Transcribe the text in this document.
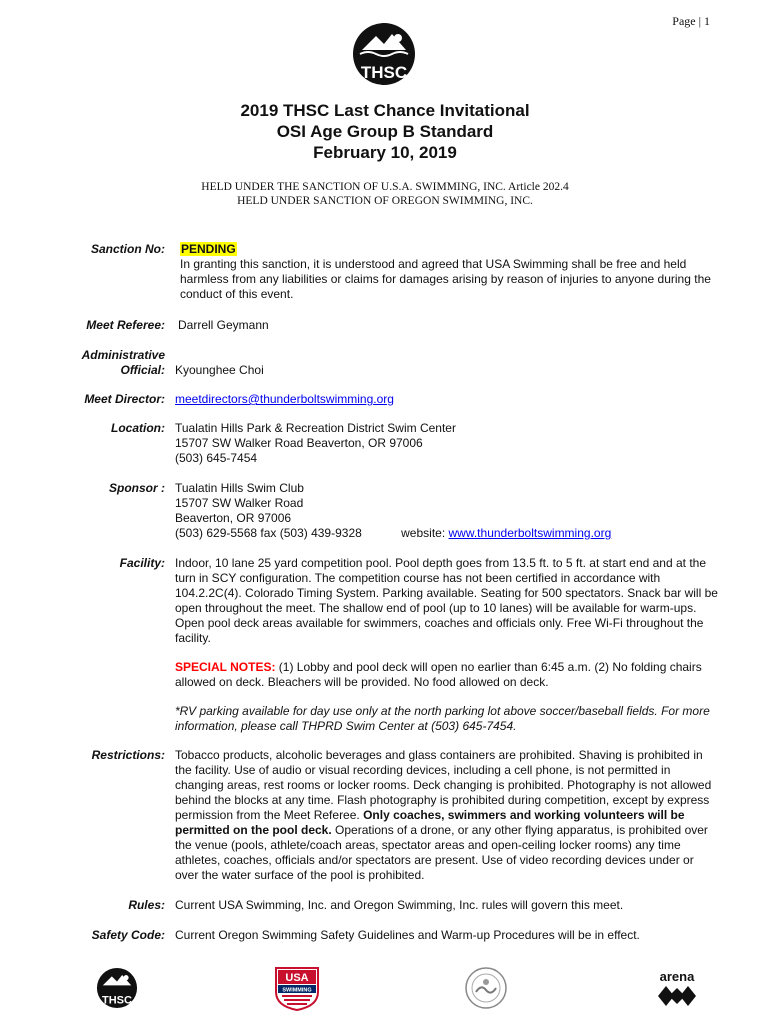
Page | 1
THSC
2019 THSC Last Chance Invitational
OSI Age Group B Standard
February 10, 2019
HELD UNDER THE SANCTION OF U.S.A. SWIMMING, INC. Article 202.4
HELD UNDER SANCTION OF OREGON SWIMMING, INC.
Sanction No: PENDING
In granting this sanction, it is understood and agreed that USA Swimming shall be free and held harmless from any liabilities or claims for damages arising by reason of injuries to anyone during the conduct of this event.
Meet Referee: Darrell Geymann
Administrative
Official: Kyounghee Choi
Meet Director: meetdirectors@thunderboltswimming.org
Location: Tualatin Hills Park & Recreation District Swim Center
15707 SW Walker Road Beaverton, OR 97006
(503) 645-7454
Sponsor : Tualatin Hills Swim Club
15707 SW Walker Road
Beaverton, OR 97006
(503) 629-5568 fax (503) 439-9328	website: www.thunderboltswimming.org
Facility: Indoor, 10 lane 25 yard competition pool. Pool depth goes from 13.5 ft. to 5 ft. at start end and at the turn in SCY configuration. The competition course has not been certified in accordance with 104.2.2C(4). Colorado Timing System. Parking available. Seating for 500 spectators. Snack bar will be open throughout the meet. The shallow end of pool (up to 10 lanes) will be available for warm-ups. Open pool deck areas available for swimmers, coaches and officials only. Free Wi-Fi throughout the facility.
SPECIAL NOTES: (1) Lobby and pool deck will open no earlier than 6:45 a.m. (2) No folding chairs allowed on deck. Bleachers will be provided. No food allowed on deck.
*RV parking available for day use only at the north parking lot above soccer/baseball fields. For more information, please call THPRD Swim Center at (503) 645-7454.
Restrictions: Tobacco products, alcoholic beverages and glass containers are prohibited. Shaving is prohibited in the facility. Use of audio or visual recording devices, including a cell phone, is not permitted in changing areas, rest rooms or locker rooms. Deck changing is prohibited. Photography is not allowed behind the blocks at any time. Flash photography is prohibited during competition, except by express permission from the Meet Referee. Only coaches, swimmers and working volunteers will be permitted on the pool deck. Operations of a drone, or any other flying apparatus, is prohibited over the venue (pools, athlete/coach areas, spectator areas and open-ceiling locker rooms) any time athletes, coaches, officials and/or spectators are present. Use of video recording devices under or over the water surface of the pool is prohibited.
Rules: Current USA Swimming, Inc. and Oregon Swimming, Inc. rules will govern this meet.
Safety Code: Current Oregon Swimming Safety Guidelines and Warm-up Procedures will be in effect.
THSC
USA
SWIMMING
arena
